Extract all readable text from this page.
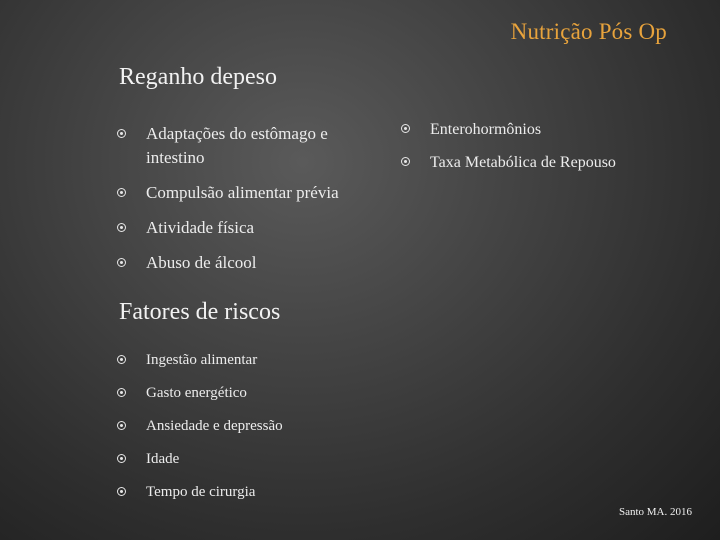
Nutrição Pós Op
Reganho depeso
Adaptações do estômago e intestino
Compulsão alimentar prévia
Atividade física
Abuso de álcool
Enterohormônios
Taxa Metabólica de Repouso
Fatores de riscos
Ingestão alimentar
Gasto energético
Ansiedade e depressão
Idade
Tempo de cirurgia
Santo MA. 2016
